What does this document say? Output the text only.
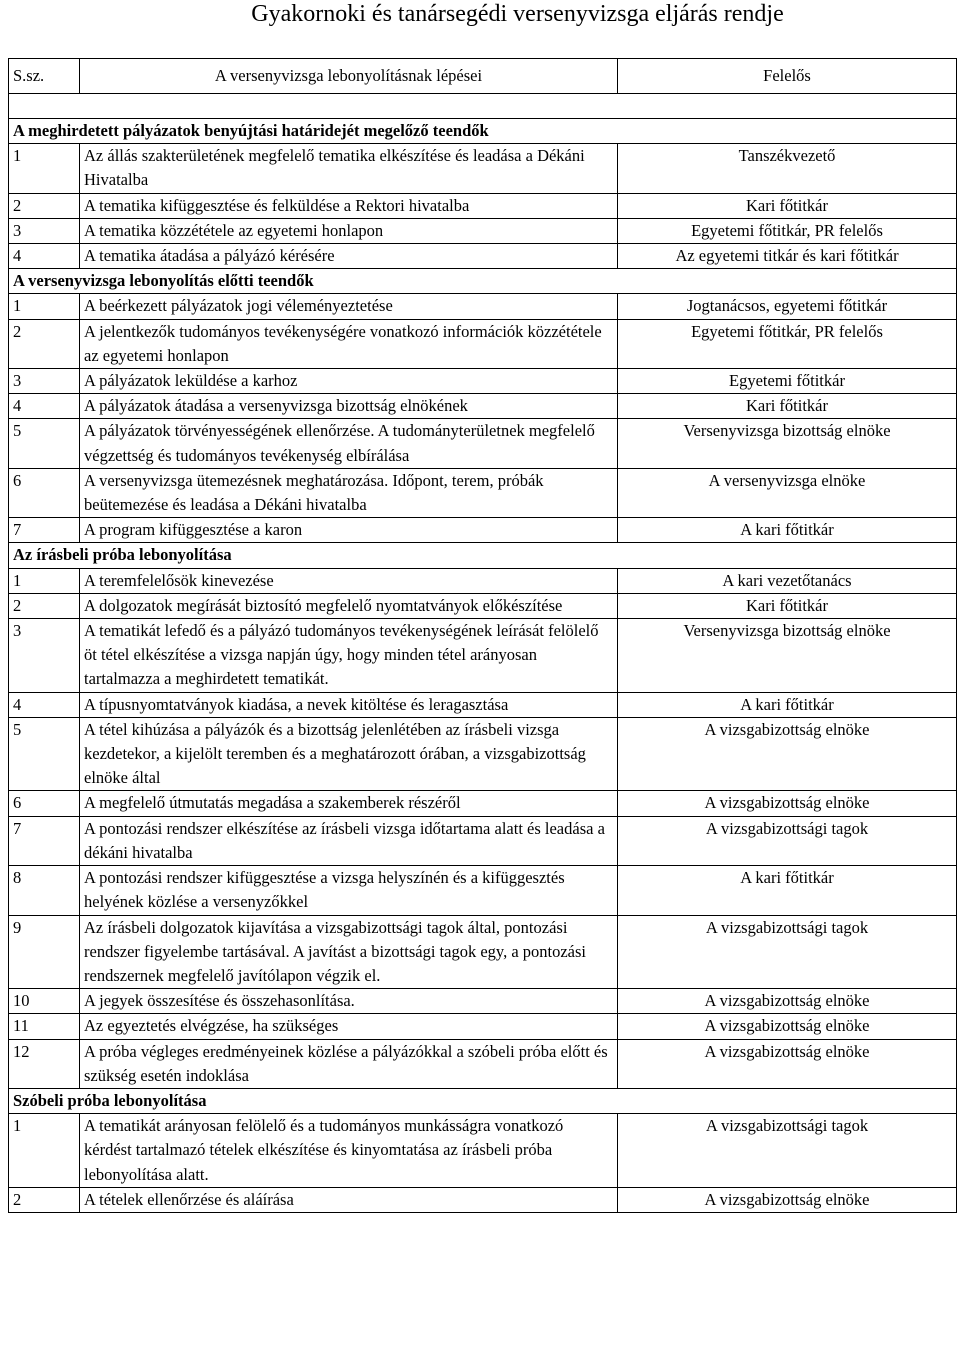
Gyakornoki és tanársegédi versenyvizsga eljárás rendje
S.sz.	A versenyvizsga lebonyolításnak lépései	Felelős

A meghirdetett pályázatok benyújtási határidejét megelőző teendők		
1	Az állás szakterületének megfelelő tematika elkészítése és leadása a Dékáni Hivatalba	Tanszékvezető
2	A tematika kifüggesztése és felküldése a Rektori hivatalba	Kari főtitkár
3	A tematika közzététele az egyetemi honlapon	Egyetemi főtitkár, PR felelős
4	A tematika átadása a pályázó kérésére	Az egyetemi titkár és kari főtitkár
A versenyvizsga lebonyolítás előtti teendők		
1	A beérkezett pályázatok jogi véleményeztetése	Jogtanácsos, egyetemi főtitkár
2	A jelentkezők tudományos tevékenységére vonatkozó információk közzététele az egyetemi honlapon	Egyetemi főtitkár, PR felelős
3	A pályázatok leküldése a karhoz	Egyetemi főtitkár
4	A pályázatok átadása a versenyvizsga bizottság elnökének	Kari főtitkár
5	A pályázatok törvényességének ellenőrzése. A tudományterületnek megfelelő végzettség és tudományos tevékenység elbírálása	Versenyvizsga bizottság elnöke
6	A versenyvizsga ütemezésnek meghatározása. Időpont, terem, próbák beütemezése és leadása a Dékáni hivatalba	A versenyvizsga elnöke
7	A program kifüggesztése a karon	A kari főtitkár
Az írásbeli próba lebonyolítása		
1	A teremfelelősök kinevezése	A kari vezetőtanács
2	A dolgozatok megírását biztosító megfelelő nyomtatványok előkészítése	Kari főtitkár
3	A tematikát lefedő és a pályázó tudományos tevékenységének leírását felölelő öt tétel elkészítése a vizsga napján úgy, hogy minden tétel arányosan tartalmazza a meghirdetett tematikát.	Versenyvizsga bizottság elnöke
4	A típusnyomtatványok kiadása, a nevek kitöltése és leragasztása	A kari főtitkár
5	A tétel kihúzása a pályázók és a bizottság jelenlétében az írásbeli vizsga kezdetekor, a kijelölt teremben és a meghatározott órában, a vizsgabizottság elnöke által	A vizsgabizottság elnöke
6	A megfelelő útmutatás megadása a szakemberek részéről	A vizsgabizottság elnöke
7	A pontozási rendszer elkészítése az írásbeli vizsga időtartama alatt és leadása a dékáni hivatalba	A vizsgabizottsági tagok
8	A pontozási rendszer kifüggesztése a vizsga helyszínén és a kifüggesztés helyének közlése a versenyzőkkel	A kari főtitkár
9	Az írásbeli dolgozatok kijavítása a vizsgabizottsági tagok által, pontozási rendszer figyelembe tartásával. A javítást a bizottsági tagok egy, a pontozási rendszernek megfelelő javítólapon végzik el.	A vizsgabizottsági tagok
10	A jegyek összesítése és összehasonlítása.	A vizsgabizottság elnöke
11	Az egyeztetés elvégzése, ha szükséges	A vizsgabizottság elnöke
12	A próba végleges eredményeinek közlése a pályázókkal a szóbeli próba előtt és szükség esetén indoklása	A vizsgabizottság elnöke
Szóbeli próba lebonyolítása		
1	A tematikát arányosan felölelő és a tudományos munkásságra vonatkozó kérdést tartalmazó tételek elkészítése és kinyomtatása az írásbeli próba lebonyolítása alatt.	A vizsgabizottsági tagok
2	A tételek ellenőrzése és aláírása	A vizsgabizottság elnöke
